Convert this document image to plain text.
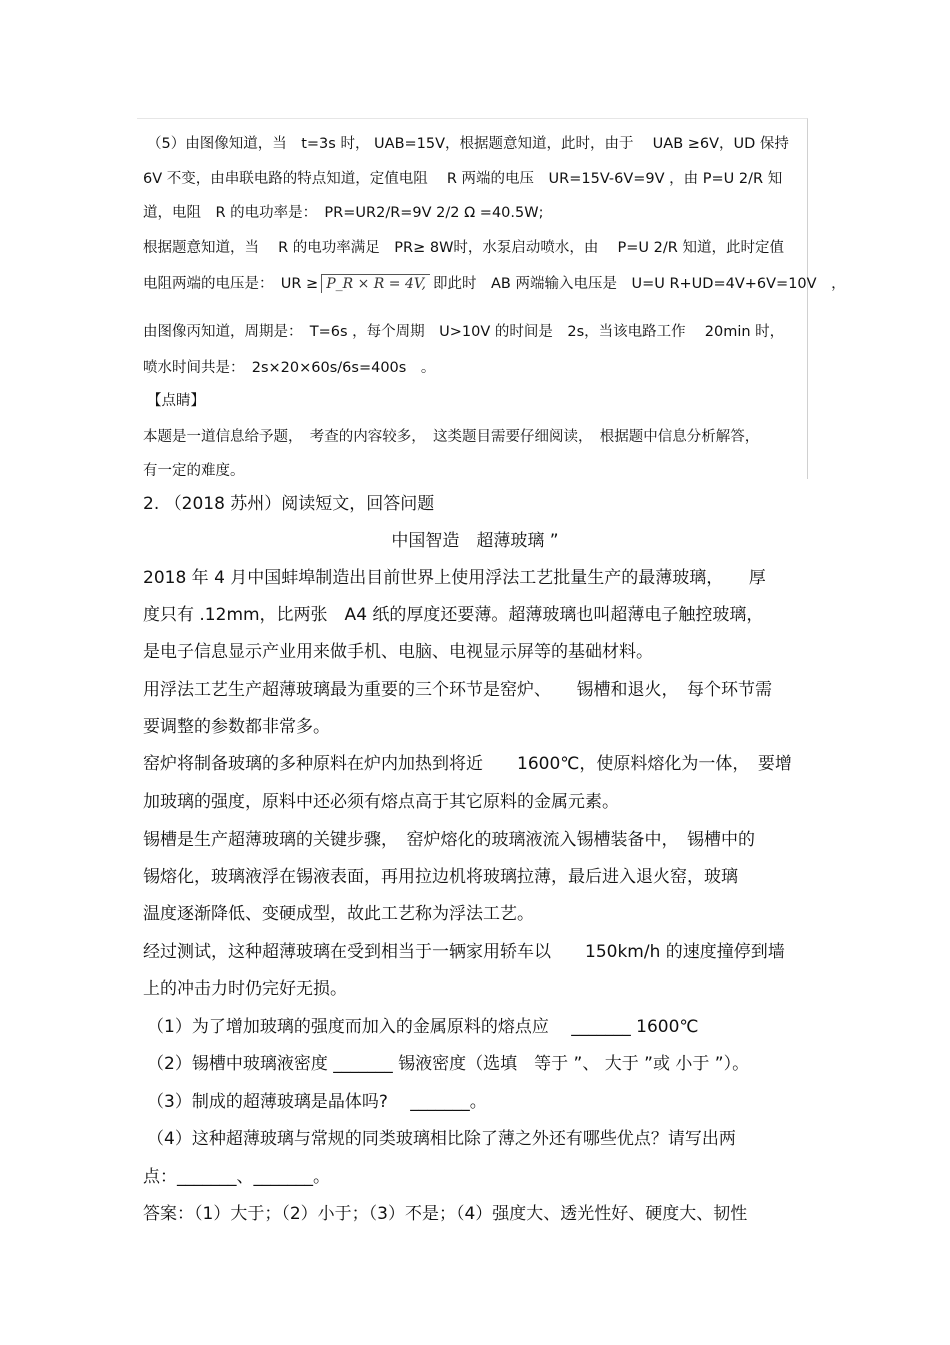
（5）由图像知道，当　t=3s 时， UAB=15V，根据题意知道，此时，由于　 UAB ≥6V，UD 保持
6V 不变，由串联电路的特点知道，定值电阻　 R 两端的电压　UR=15V-6V=9V ，由 P=U 2/R 知
道，电阻　R 的电功率是：　PR=UR2/R=9V 2/2 Ω =40.5W;
根据题意知道，当　 R 的电功率满足　PR≥ 8W时，水泵启动喷水，由　 P=U 2/R 知道，此时定值
电阻两端的电压是：　UR ≥ P_R × R = 4V, 即此时　AB 两端输入电压是　U=U R+UD=4V+6V=10V　，
由图像丙知道，周期是：　T=6s ，每个周期　U>10V 的时间是　2s，当该电路工作　 20min 时，
喷水时间共是：　2s×20×60s/6s=400s　。
【点睛】
本题是一道信息给予题，　考查的内容较多，　这类题目需要仔细阅读，　根据题中信息分析解答，
有一定的难度。
2. （2018 苏州）阅读短文，回答问题
中国智造　超薄玻璃 ”
2018 年 4 月中国蚌埠制造出目前世界上使用浮法工艺批量生产的最薄玻璃，　　厚
度只有 .12mm，比两张　A4 纸的厚度还要薄。超薄玻璃也叫超薄电子触控玻璃，
是电子信息显示产业用来做手机、电脑、电视显示屏等的基础材料。
用浮法工艺生产超薄玻璃最为重要的三个环节是窑炉、　　锡槽和退火，　每个环节需
要调整的参数都非常多。
窑炉将制备玻璃的多种原料在炉内加热到将近　　1600℃，使原料熔化为一体，　要增
加玻璃的强度，原料中还必须有熔点高于其它原料的金属元素。
锡槽是生产超薄玻璃的关键步骤，　窑炉熔化的玻璃液流入锡槽装备中，　锡槽中的
锡熔化，玻璃液浮在锡液表面，再用拉边机将玻璃拉薄，最后进入退火窑，玻璃
温度逐渐降低、变硬成型，故此工艺称为浮法工艺。
经过测试，这种超薄玻璃在受到相当于一辆家用轿车以　　150km/h 的速度撞停到墙
上的冲击力时仍完好无损。
（1）为了增加玻璃的强度而加入的金属原料的熔点应　 _______ 1600℃
（2）锡槽中玻璃液密度 _______ 锡液密度（选填　等于 ”、 大于 ”或 小于 ”）。
（3）制成的超薄玻璃是晶体吗?　 _______。
（4）这种超薄玻璃与常规的同类玻璃相比除了薄之外还有哪些优点？请写出两
点：_______、_______。
答案：（1）大于；（2）小于；（3）不是；（4）强度大、透光性好、硬度大、韧性
